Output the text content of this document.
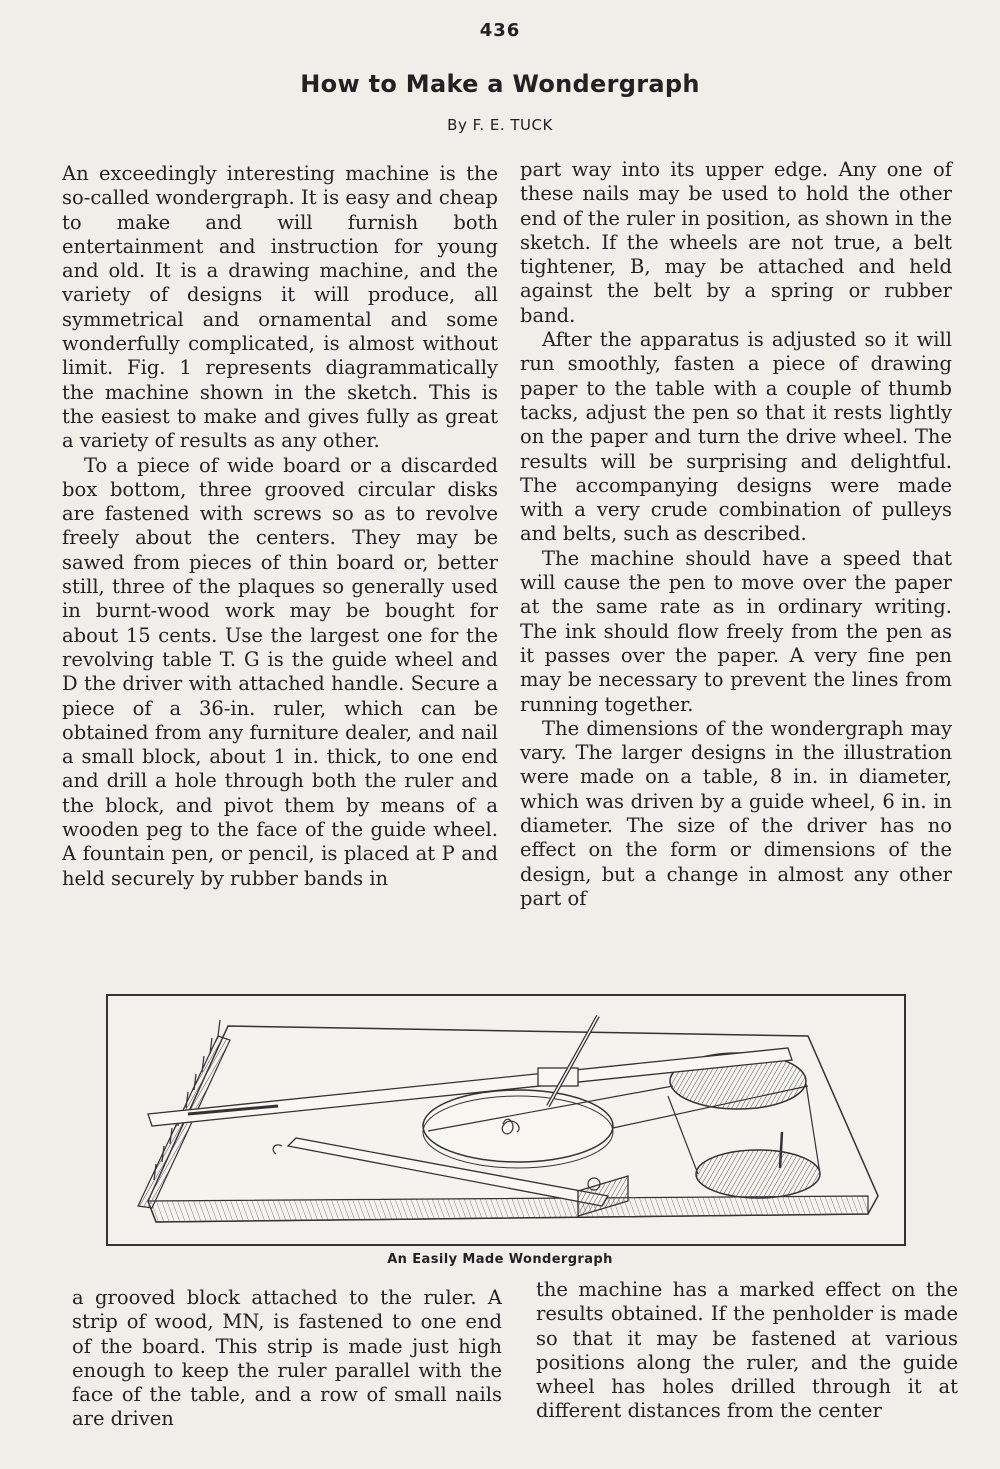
436
How to Make a Wondergraph
By F. E. TUCK

An exceedingly interesting machine is the so-called wondergraph. It is easy and cheap to make and will furnish both entertainment and instruction for young and old. It is a drawing machine, and the variety of designs it will produce, all symmetrical and ornamental and some wonderfully complicated, is almost without limit. Fig. 1 represents diagrammatically the machine shown in the sketch. This is the easiest to make and gives fully as great a variety of results as any other.

To a piece of wide board or a discarded box bottom, three grooved circular disks are fastened with screws so as to revolve freely about the centers. They may be sawed from pieces of thin board or, better still, three of the plaques so generally used in burnt-wood work may be bought for about 15 cents. Use the largest one for the revolving table T. G is the guide wheel and D the driver with attached handle. Secure a piece of a 36-in. ruler, which can be obtained from any furniture dealer, and nail a small block, about 1 in. thick, to one end and drill a hole through both the ruler and the block, and pivot them by means of a wooden peg to the face of the guide wheel. A fountain pen, or pencil, is placed at P and held securely by rubber bands in

part way into its upper edge. Any one of these nails may be used to hold the other end of the ruler in position, as shown in the sketch. If the wheels are not true, a belt tightener, B, may be attached and held against the belt by a spring or rubber band.

After the apparatus is adjusted so it will run smoothly, fasten a piece of drawing paper to the table with a couple of thumb tacks, adjust the pen so that it rests lightly on the paper and turn the drive wheel. The results will be surprising and delightful. The accompanying designs were made with a very crude combination of pulleys and belts, such as described.

The machine should have a speed that will cause the pen to move over the paper at the same rate as in ordinary writing. The ink should flow freely from the pen as it passes over the paper. A very fine pen may be necessary to prevent the lines from running together.

The dimensions of the wondergraph may vary. The larger designs in the illustration were made on a table, 8 in. in diameter, which was driven by a guide wheel, 6 in. in diameter. The size of the driver has no effect on the form or dimensions of the design, but a change in almost any other part of

An Easily Made Wondergraph

a grooved block attached to the ruler. A strip of wood, MN, is fastened to one end of the board. This strip is made just high enough to keep the ruler parallel with the face of the table, and a row of small nails are driven

the machine has a marked effect on the results obtained. If the penholder is made so that it may be fastened at various positions along the ruler, and the guide wheel has holes drilled through it at different distances from the center
